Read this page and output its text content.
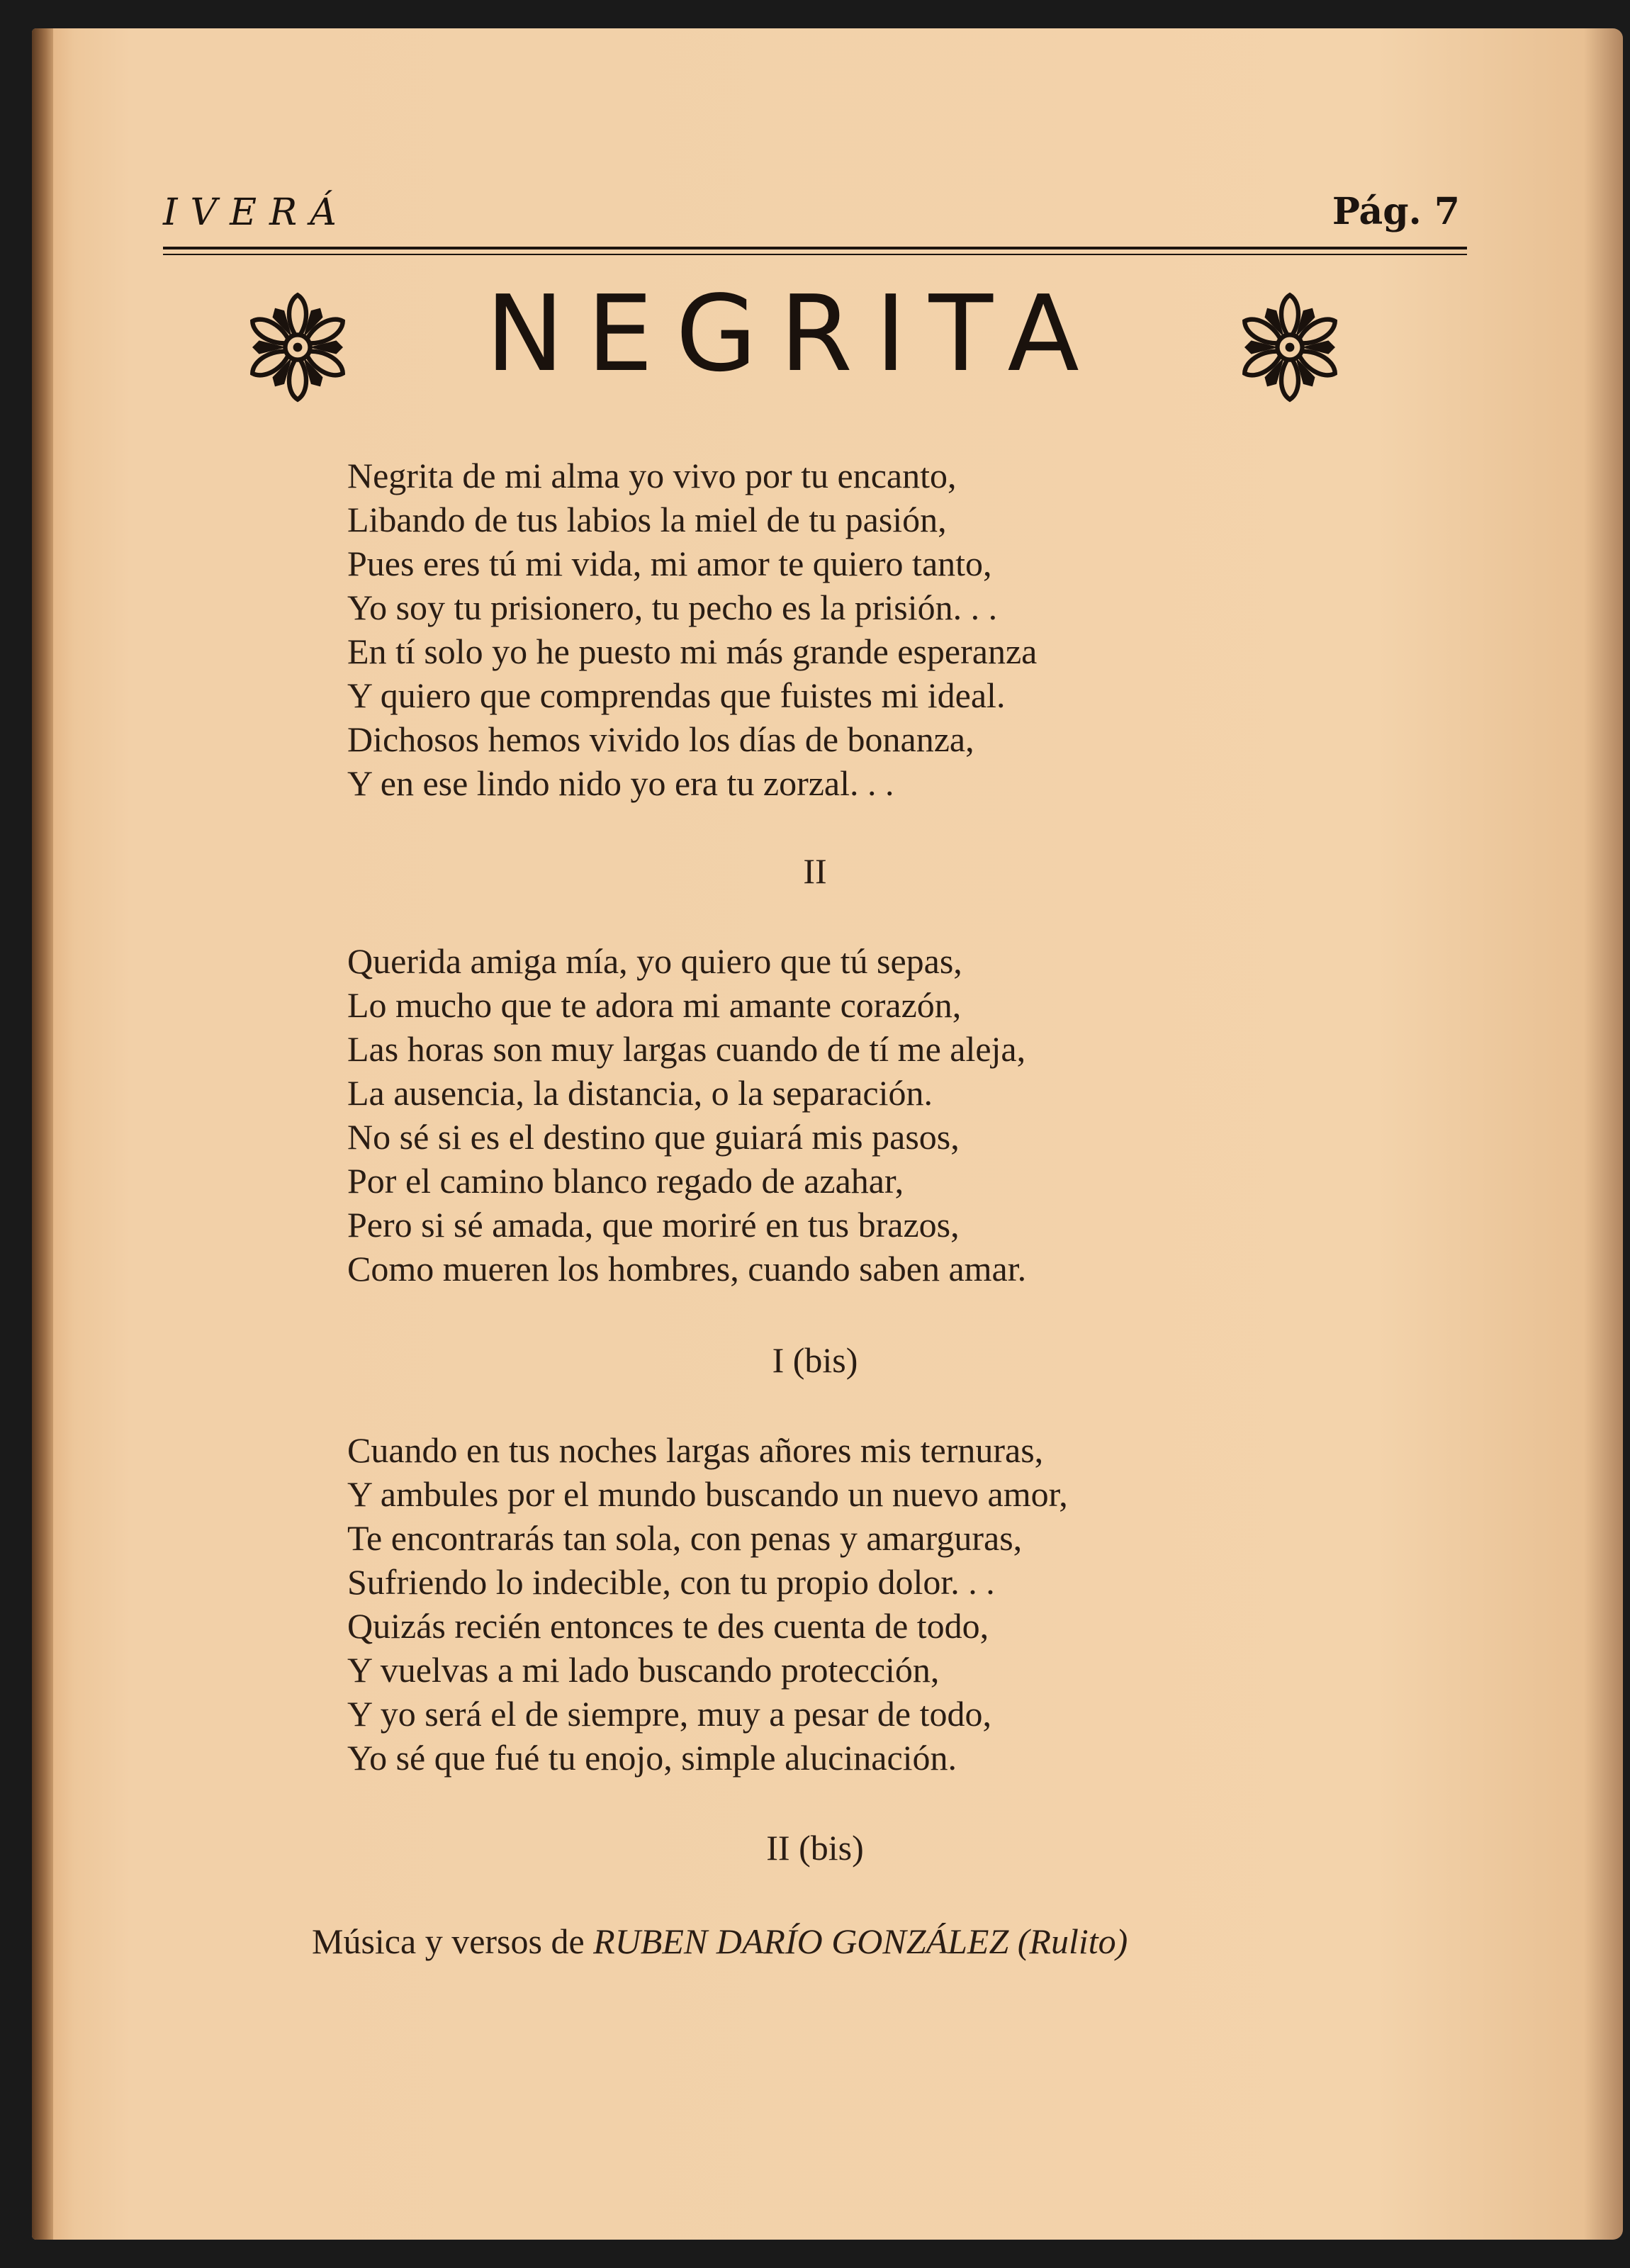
IVERÁ	Pág. 7
NEGRITA
Negrita de mi alma yo vivo por tu encanto,
Libando de tus labios la miel de tu pasión,
Pues eres tú mi vida, mi amor te quiero tanto,
Yo soy tu prisionero, tu pecho es la prisión. . .
En tí solo yo he puesto mi más grande esperanza
Y quiero que comprendas que fuistes mi ideal.
Dichosos hemos vivido los días de bonanza,
Y en ese lindo nido yo era tu zorzal. . .
II
Querida amiga mía, yo quiero que tú sepas,
Lo mucho que te adora mi amante corazón,
Las horas son muy largas cuando de tí me aleja,
La ausencia, la distancia, o la separación.
No sé si es el destino que guiará mis pasos,
Por el camino blanco regado de azahar,
Pero si sé amada, que moriré en tus brazos,
Como mueren los hombres, cuando saben amar.
I (bis)
Cuando en tus noches largas añores mis ternuras,
Y ambules por el mundo buscando un nuevo amor,
Te encontrarás tan sola, con penas y amarguras,
Sufriendo lo indecible, con tu propio dolor. . .
Quizás recién entonces te des cuenta de todo,
Y vuelvas a mi lado buscando protección,
Y yo será el de siempre, muy a pesar de todo,
Yo sé que fué tu enojo, simple alucinación.
II (bis)
Música y versos de RUBEN DARÍO GONZÁLEZ (Rulito)
